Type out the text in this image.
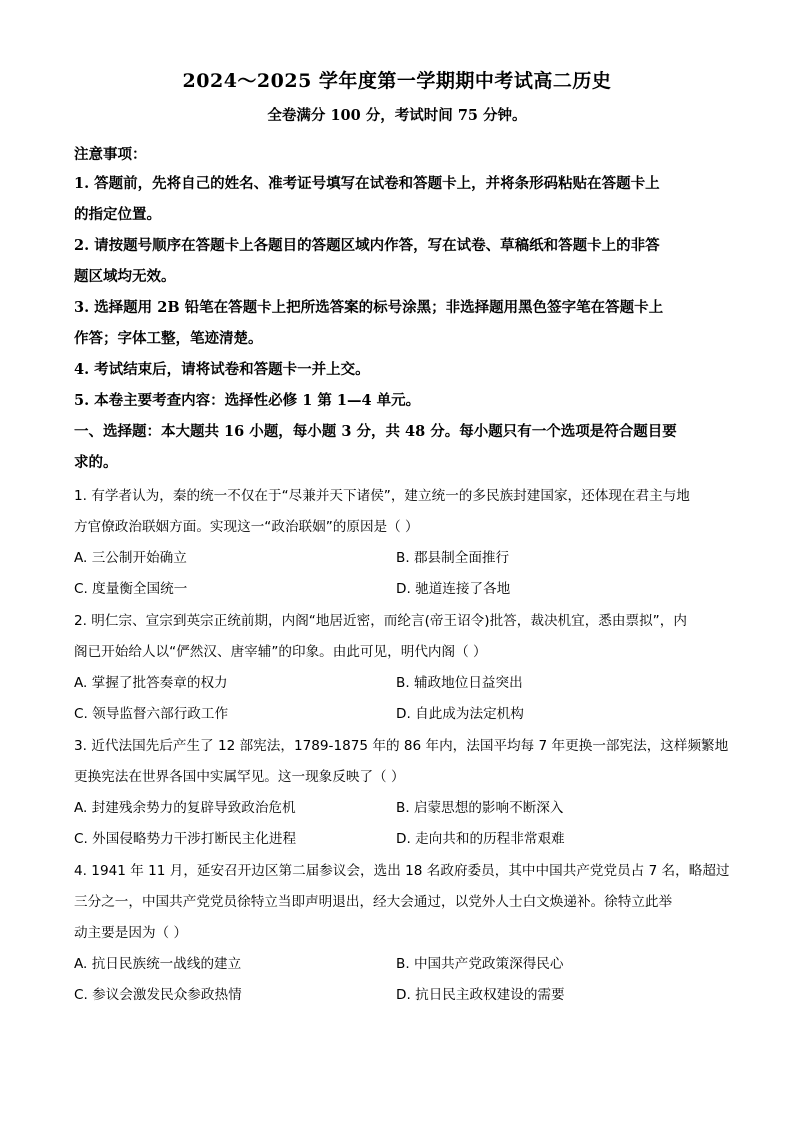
2024～2025 学年度第一学期期中考试高二历史
全卷满分 100 分，考试时间 75 分钟。
注意事项：
1. 答题前，先将自己的姓名、准考证号填写在试卷和答题卡上，并将条形码粘贴在答题卡上
的指定位置。
2. 请按题号顺序在答题卡上各题目的答题区域内作答，写在试卷、草稿纸和答题卡上的非答
题区域均无效。
3. 选择题用 2B 铅笔在答题卡上把所选答案的标号涂黑；非选择题用黑色签字笔在答题卡上
作答；字体工整，笔迹清楚。
4. 考试结束后，请将试卷和答题卡一并上交。
5. 本卷主要考查内容：选择性必修 1 第 1—4 单元。
一、选择题：本大题共 16 小题，每小题 3 分，共 48 分。每小题只有一个选项是符合题目要
求的。
1. 有学者认为，秦的统一不仅在于“尽兼并天下诸侯”，建立统一的多民族封建国家，还体现在君主与地
方官僚政治联姻方面。实现这一“政治联姻”的原因是（ ）
A. 三公制开始确立	B. 郡县制全面推行
C. 度量衡全国统一	D. 驰道连接了各地
2. 明仁宗、宣宗到英宗正统前期，内阁“地居近密，而纶言(帝王诏令)批答，裁决机宜，悉由票拟”，内
阁已开始给人以“俨然汉、唐宰辅”的印象。由此可见，明代内阁（ ）
A. 掌握了批答奏章的权力	B. 辅政地位日益突出
C. 领导监督六部行政工作	D. 自此成为法定机构
3. 近代法国先后产生了 12 部宪法，1789-1875 年的 86 年内，法国平均每 7 年更换一部宪法，这样频繁地
更换宪法在世界各国中实属罕见。这一现象反映了（ ）
A. 封建残余势力的复辟导致政治危机	B. 启蒙思想的影响不断深入
C. 外国侵略势力干涉打断民主化进程	D. 走向共和的历程非常艰难
4. 1941 年 11 月，延安召开边区第二届参议会，选出 18 名政府委员，其中中国共产党党员占 7 名，略超过
三分之一，中国共产党党员徐特立当即声明退出，经大会通过，以党外人士白文焕递补。徐特立此举
动主要是因为（ ）
A. 抗日民族统一战线的建立	B. 中国共产党政策深得民心
C. 参议会激发民众参政热情	D. 抗日民主政权建设的需要
